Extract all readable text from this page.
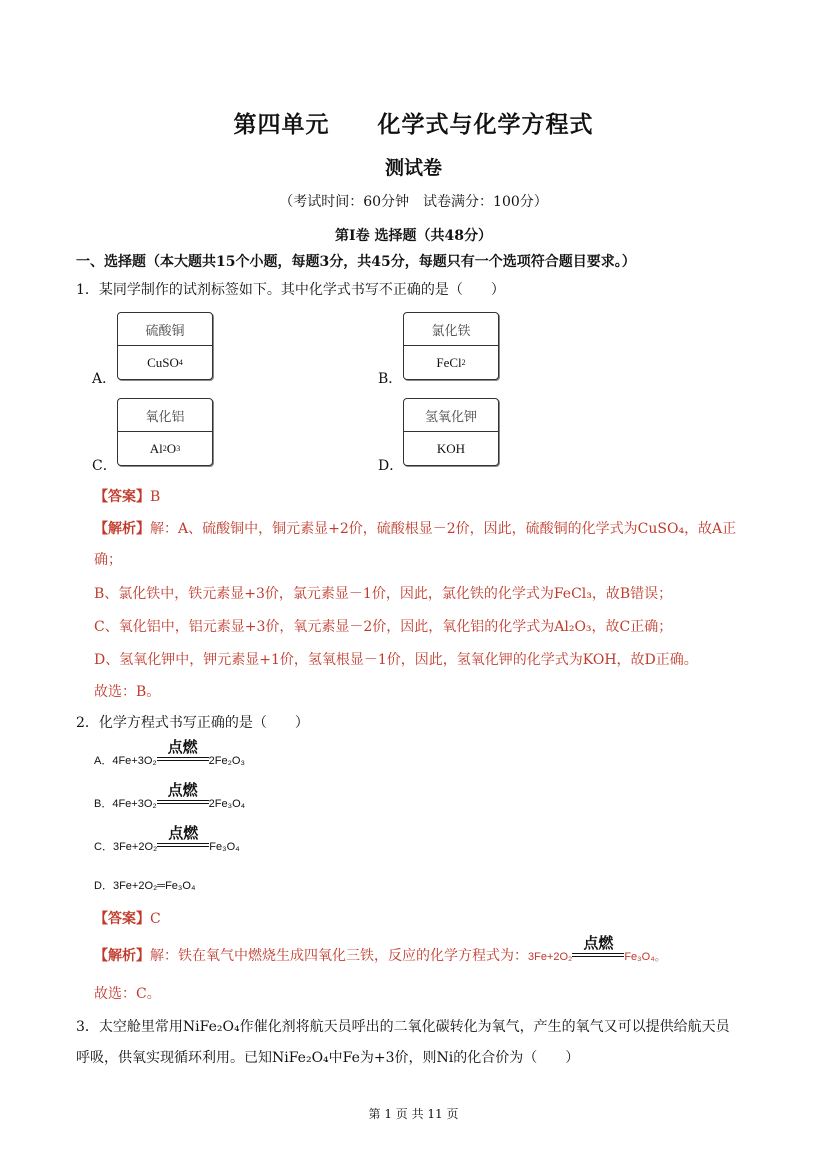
第四单元　　化学式与化学方程式
测试卷
（考试时间：60分钟　试卷满分：100分）
第Ⅰ卷 选择题（共48分）
一、选择题（本大题共15个小题，每题3分，共45分，每题只有一个选项符合题目要求。）
1．某同学制作的试剂标签如下。其中化学式书写不正确的是（　　）
A．
硫酸铜
CuSO 4
B．
氯化铁
FeCl 2
C．
氧化铝
Al 2 O 3
D．
氢氧化钾
KOH
【答案】B
【解析】解：A、硫酸铜中，铜元素显+2价，硫酸根显－2价，因此，硫酸铜的化学式为CuSO₄，故A正
确；
B、氯化铁中，铁元素显+3价，氯元素显－1价，因此，氯化铁的化学式为FeCl₃，故B错误；
C、氧化铝中，铝元素显+3价，氧元素显－2价，因此，氧化铝的化学式为Al₂O₃，故C正确；
D、氢氧化钾中，钾元素显+1价，氢氧根显－1价，因此，氢氧化钾的化学式为KOH，故D正确。
故选：B。
2．化学方程式书写正确的是（　　）
A．4Fe+3O₂
点燃
2Fe₂O₃
B．4Fe+3O₂
点燃
2Fe₃O₄
C．3Fe+2O₂
点燃
Fe₃O₄
D．3Fe+2O₂═Fe₃O₄
【答案】C
【解析】解：铁在氧气中燃烧生成四氧化三铁，反应的化学方程式为：3Fe+2O₂
点燃
Fe₃O₄。
故选：C。
3．太空舱里常用NiFe₂O₄作催化剂将航天员呼出的二氧化碳转化为氧气，产生的氧气又可以提供给航天员
呼吸，供氧实现循环利用。已知NiFe₂O₄中Fe为+3价，则Ni的化合价为（　　）
第 1 页 共 11 页
